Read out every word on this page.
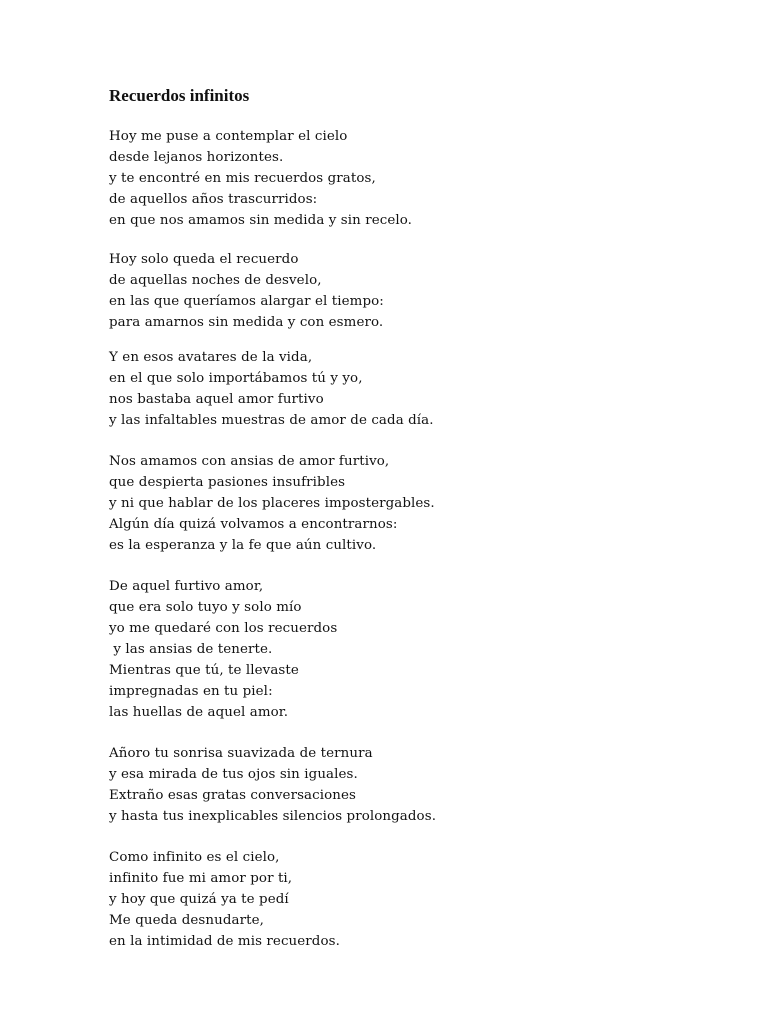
Recuerdos infinitos
Hoy me puse a contemplar el cielo
desde lejanos horizontes.
y te encontré en mis recuerdos gratos,
de aquellos años trascurridos:
en que nos amamos sin medida y sin recelo.
Hoy solo queda el recuerdo
de aquellas noches de desvelo,
en las que queríamos alargar el tiempo:
para amarnos sin medida y con esmero.
Y en esos avatares de la vida,
en el que solo importábamos tú y yo,
nos bastaba aquel amor furtivo
y las infaltables muestras de amor de cada día.
Nos amamos con ansias de amor furtivo,
que despierta pasiones insufribles
y ni que hablar de los placeres impostergables.
Algún día quizá volvamos a encontrarnos:
es la esperanza y la fe que aún cultivo.
De aquel furtivo amor,
que era solo tuyo y solo mío
yo me quedaré con los recuerdos
y las ansias de tenerte.
Mientras que tú, te llevaste
impregnadas en tu piel:
las huellas de aquel amor.
Añoro tu sonrisa suavizada de ternura
y esa mirada de tus ojos sin iguales.
Extraño esas gratas conversaciones
y hasta tus inexplicables silencios prolongados.
Como infinito es el cielo,
infinito fue mi amor por ti,
y hoy que quizá ya te pedí
Me queda desnudarte,
en la intimidad de mis recuerdos.
